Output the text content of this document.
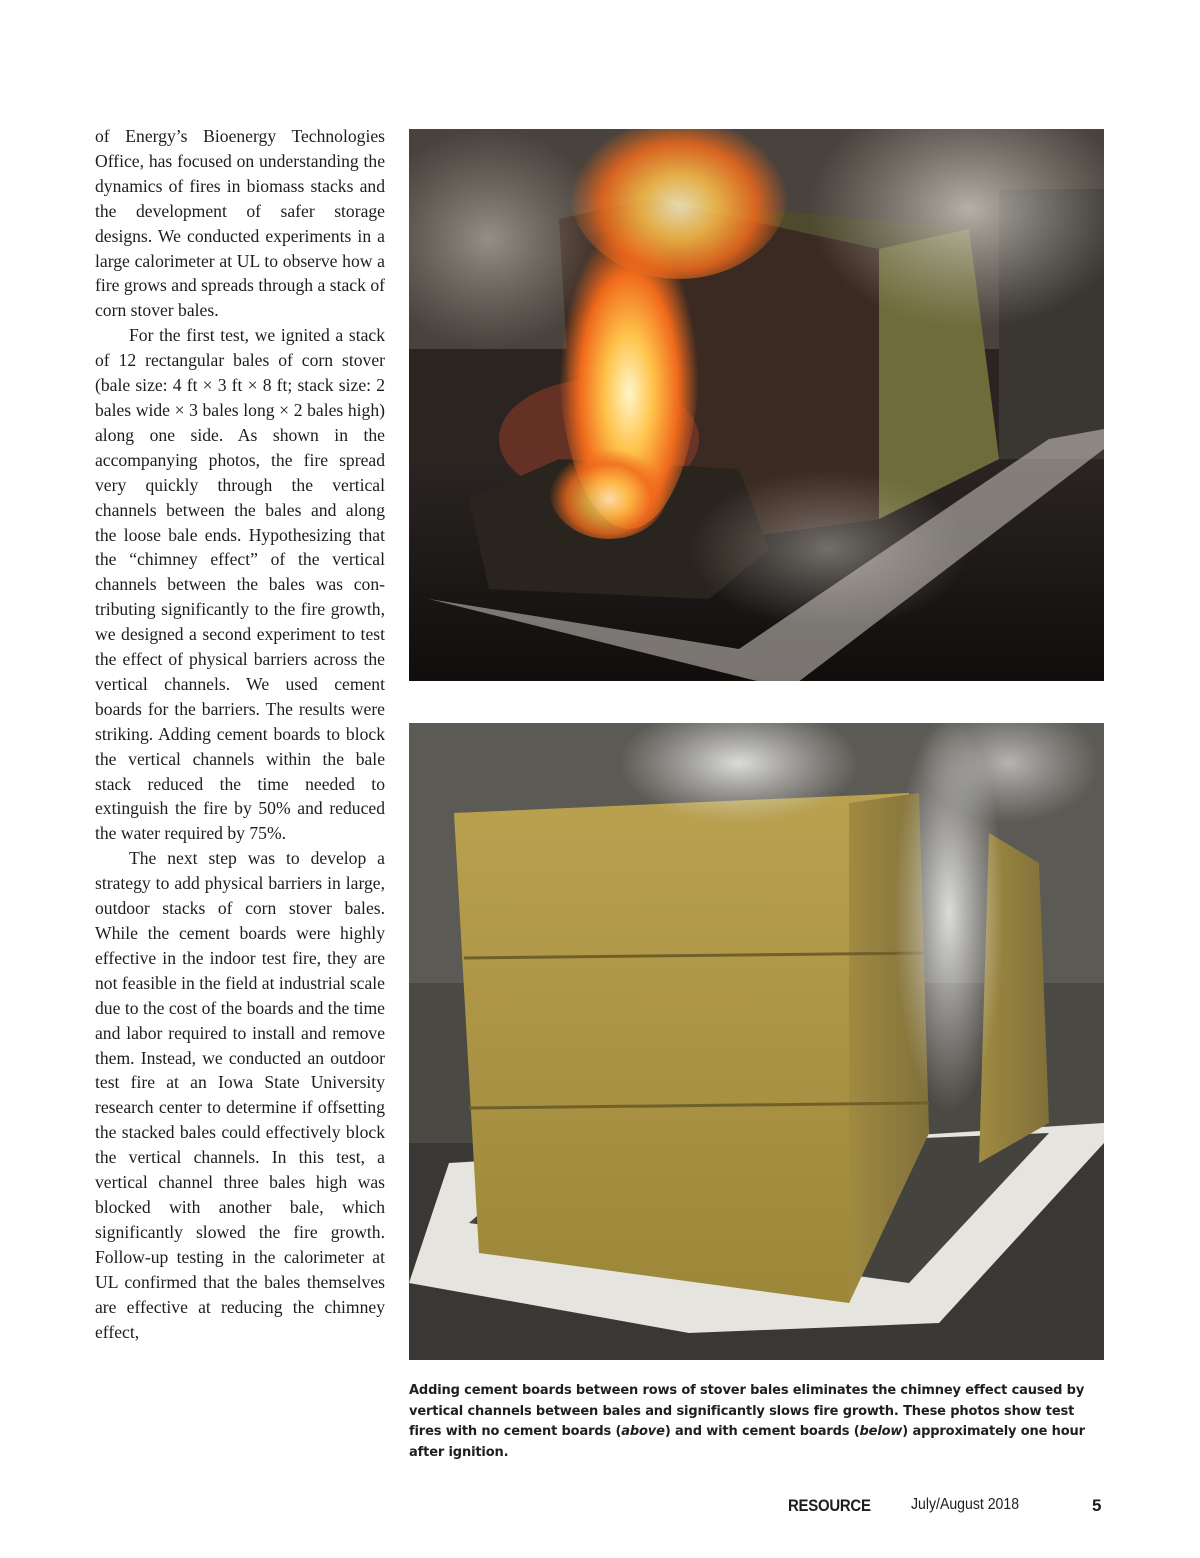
of Energy’s Bioenergy Technologies Office, has focused on understanding the dynamics of fires in biomass stacks and the development of safer storage designs. We conducted experiments in a large calorimeter at UL to observe how a fire grows and spreads through a stack of corn stover bales.

For the first test, we ignited a stack of 12 rectangular bales of corn stover (bale size: 4 ft × 3 ft × 8 ft; stack size: 2 bales wide × 3 bales long × 2 bales high) along one side. As shown in the accompanying photos, the fire spread very quickly through the vertical channels between the bales and along the loose bale ends. Hypothesizing that the “chimney effect” of the vertical channels between the bales was contributing significantly to the fire growth, we designed a second experiment to test the effect of physical barriers across the vertical channels. We used cement boards for the barriers. The results were striking. Adding cement boards to block the vertical channels within the bale stack reduced the time needed to extinguish the fire by 50% and reduced the water required by 75%.

The next step was to develop a strategy to add physical barriers in large, outdoor stacks of corn stover bales. While the cement boards were highly effective in the indoor test fire, they are not feasible in the field at industrial scale due to the cost of the boards and the time and labor required to install and remove them. Instead, we conducted an outdoor test fire at an Iowa State University research center to determine if offsetting the stacked bales could effectively block the vertical channels. In this test, a vertical channel three bales high was blocked with another bale, which significantly slowed the fire growth. Follow-up testing in the calorimeter at UL confirmed that the bales themselves are effective at reducing the chimney effect,

Adding cement boards between rows of stover bales eliminates the chimney effect caused by vertical channels between bales and significantly slows fire growth. These photos show test fires with no cement boards (above) and with cement boards (below) approximately one hour after ignition.
RESOURCE	July/August 2018	5
